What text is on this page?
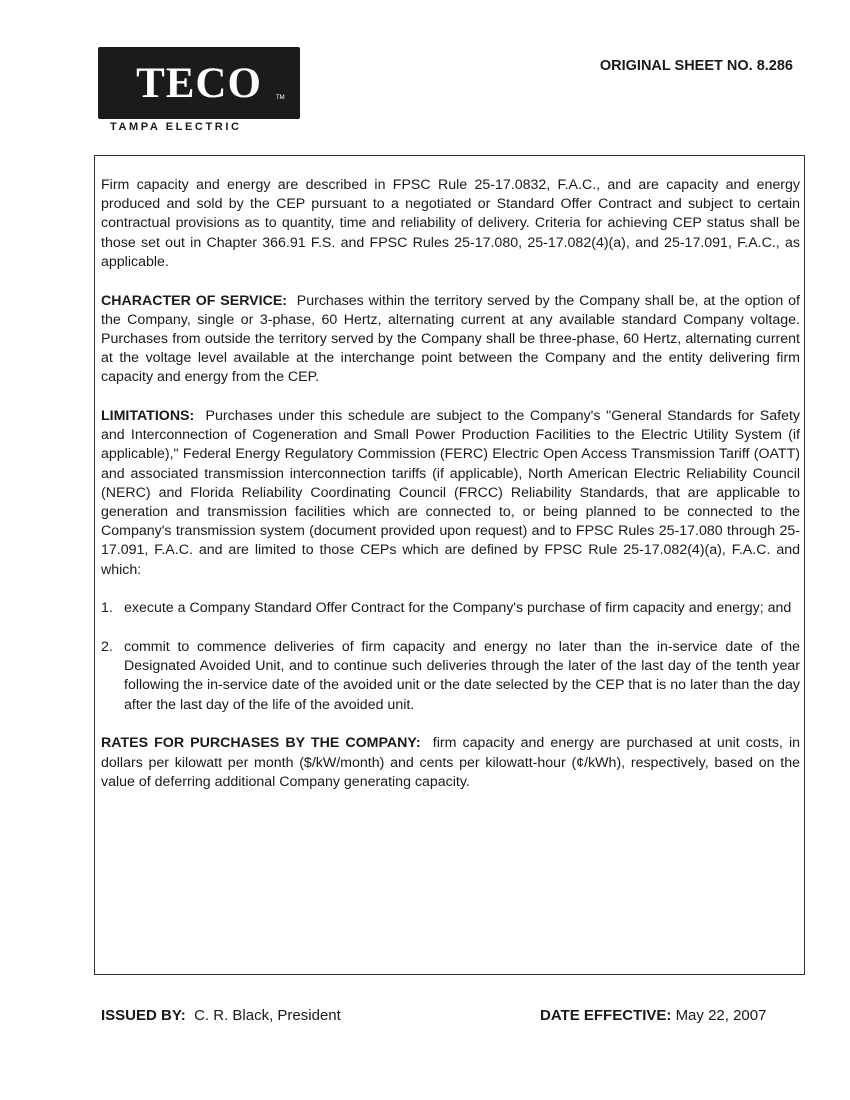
TECO	TM
TAMPA ELECTRIC
ORIGINAL SHEET NO. 8.286

Firm capacity and energy are described in FPSC Rule 25-17.0832, F.A.C., and are capacity and energy produced and sold by the CEP pursuant to a negotiated or Standard Offer Contract and subject to certain contractual provisions as to quantity, time and reliability of delivery. Criteria for achieving CEP status shall be those set out in Chapter 366.91 F.S. and FPSC Rules 25-17.080, 25-17.082(4)(a), and 25-17.091, F.A.C., as applicable.

CHARACTER OF SERVICE: Purchases within the territory served by the Company shall be, at the option of the Company, single or 3-phase, 60 Hertz, alternating current at any available standard Company voltage. Purchases from outside the territory served by the Company shall be three-phase, 60 Hertz, alternating current at the voltage level available at the interchange point between the Company and the entity delivering firm capacity and energy from the CEP.

LIMITATIONS: Purchases under this schedule are subject to the Company's "General Standards for Safety and Interconnection of Cogeneration and Small Power Production Facilities to the Electric Utility System (if applicable)," Federal Energy Regulatory Commission (FERC) Electric Open Access Transmission Tariff (OATT) and associated transmission interconnection tariffs (if applicable), North American Electric Reliability Council (NERC) and Florida Reliability Coordinating Council (FRCC) Reliability Standards, that are applicable to generation and transmission facilities which are connected to, or being planned to be connected to the Company's transmission system (document provided upon request) and to FPSC Rules 25-17.080 through 25-17.091, F.A.C. and are limited to those CEPs which are defined by FPSC Rule 25-17.082(4)(a), F.A.C. and which:

1. execute a Company Standard Offer Contract for the Company's purchase of firm capacity and energy; and
2. commit to commence deliveries of firm capacity and energy no later than the in-service date of the Designated Avoided Unit, and to continue such deliveries through the later of the last day of the tenth year following the in-service date of the avoided unit or the date selected by the CEP that is no later than the day after the last day of the life of the avoided unit.

RATES FOR PURCHASES BY THE COMPANY: firm capacity and energy are purchased at unit costs, in dollars per kilowatt per month ($/kW/month) and cents per kilowatt-hour (¢/kWh), respectively, based on the value of deferring additional Company generating capacity.

ISSUED BY: C. R. Black, President	DATE EFFECTIVE: May 22, 2007
